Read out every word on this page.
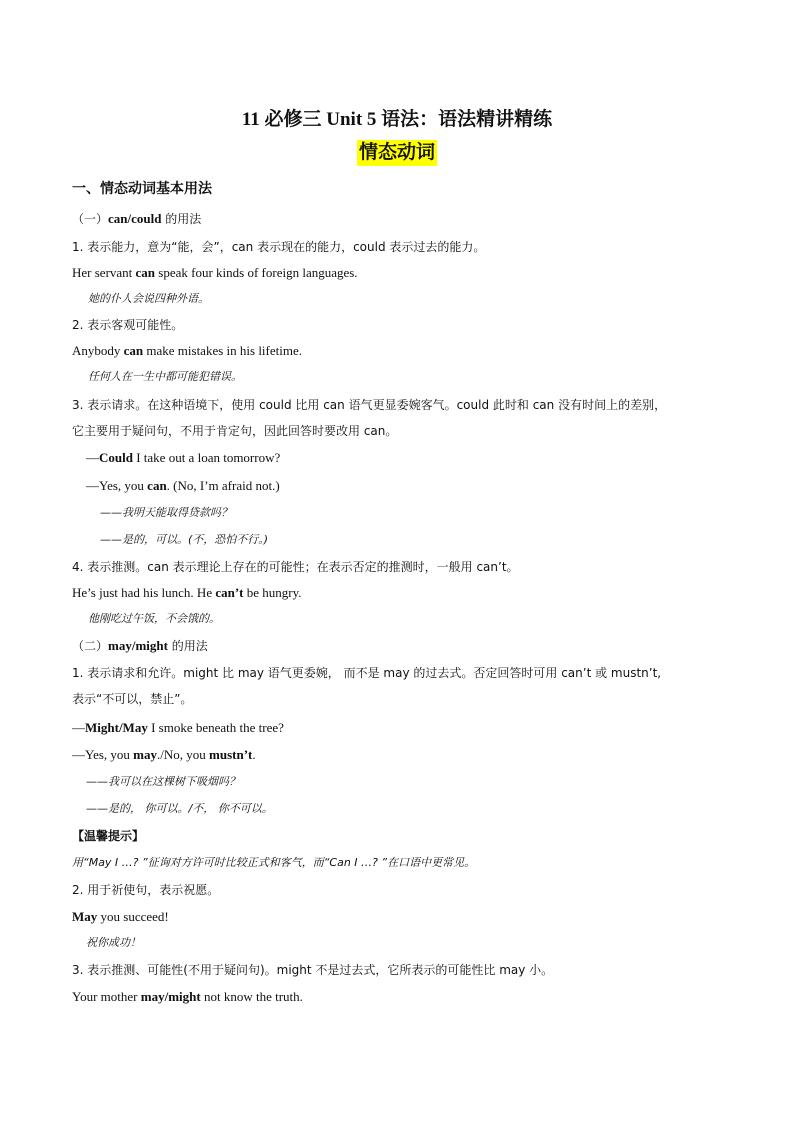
11 必修三 Unit 5 语法：语法精讲精练
情态动词
一、情态动词基本用法
（一）can/could 的用法
1. 表示能力，意为“能，会”，can 表示现在的能力，could 表示过去的能力。
Her servant can speak four kinds of foreign languages.
她的仆人会说四种外语。
2. 表示客观可能性。
Anybody can make mistakes in his lifetime.
任何人在一生中都可能犯错误。
3. 表示请求。在这种语境下，使用 could 比用 can 语气更显委婉客气。could 此时和 can 没有时间上的差别，
它主要用于疑问句，不用于肯定句，因此回答时要改用 can。
—Could I take out a loan tomorrow?
—Yes, you can. (No, I’m afraid not.)
——我明天能取得贷款吗？
——是的，可以。(不，恐怕不行。)
4. 表示推测。can 表示理论上存在的可能性；在表示否定的推测时，一般用 can’t。
He’s just had his lunch. He can’t be hungry.
他刚吃过午饭，不会饿的。
（二）may/might 的用法
1. 表示请求和允许。might 比 may 语气更委婉， 而不是 may 的过去式。否定回答时可用 can’t 或 mustn’t,
表示“不可以，禁止”。
—Might/May I smoke beneath the tree?
—Yes, you may./No, you mustn’t.
——我可以在这棵树下吸烟吗？
——是的， 你可以。/不， 你不可以。
【温馨提示】
用“May I …? ”征询对方许可时比较正式和客气，而“Can I …? ”在口语中更常见。
2. 用于祈使句，表示祝愿。
May you succeed!
祝你成功！
3. 表示推测、可能性(不用于疑问句)。might 不是过去式，它所表示的可能性比 may 小。
Your mother may/might not know the truth.
